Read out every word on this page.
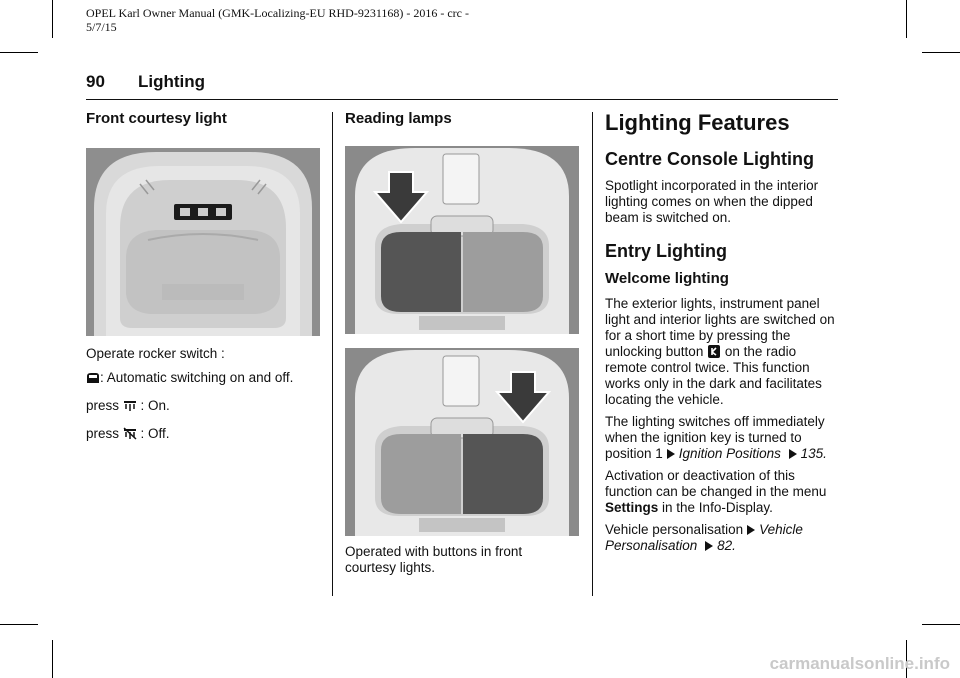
OPEL Karl Owner Manual (GMK-Localizing-EU RHD-9231168) - 2016 - crc -
5/7/15
90 Lighting
Front courtesy light

Operate rocker switch :

: Automatic switching on and off.

press : On.

press : Off.

Reading lamps

Operated with buttons in front
courtesy lights.

Lighting Features
Centre Console Lighting

Spotlight incorporated in the interior lighting comes on when the dipped beam is switched on.

Entry Lighting
Welcome lighting

The exterior lights, instrument panel light and interior lights are switched on for a short time by pressing the unlocking button on the radio remote control twice. This function works only in the dark and facilitates locating the vehicle.

The lighting switches off immediately when the ignition key is turned to position 1 Ignition Positions 135.

Activation or deactivation of this function can be changed in the menu Settings in the Info-Display.

Vehicle personalisation Vehicle Personalisation 82.

carmanualsonline.info
